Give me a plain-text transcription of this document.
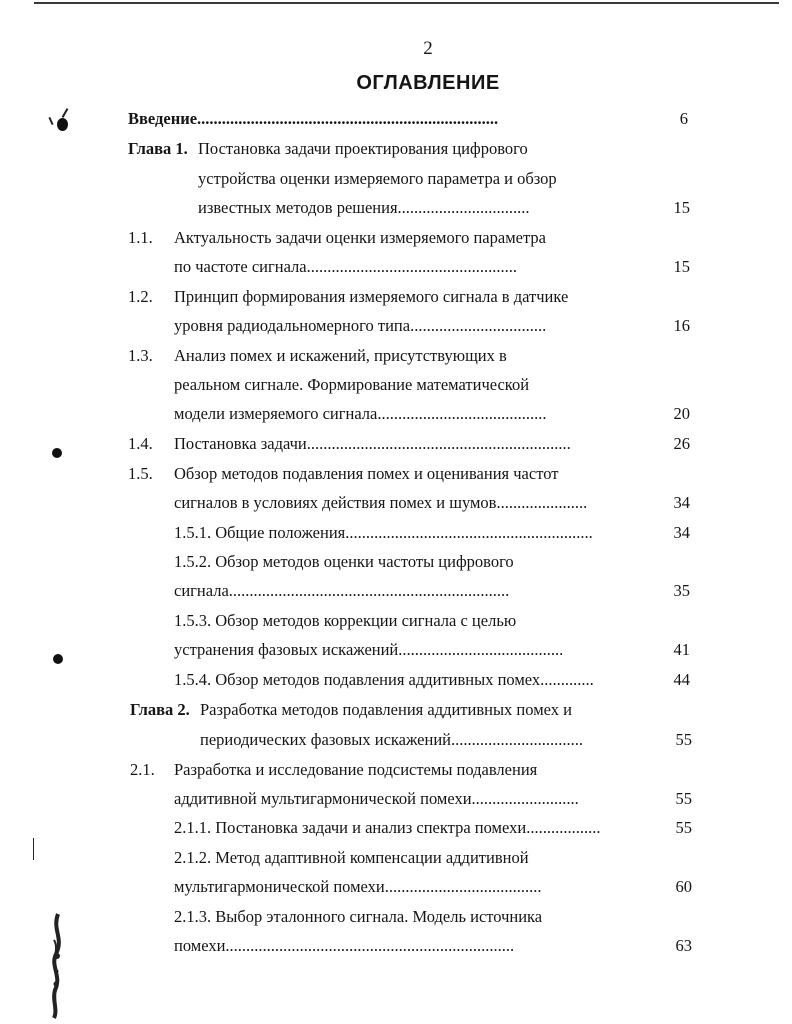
2
ОГЛАВЛЕНИЕ
Введение.........................................................................	6
Глава 1. Постановка задачи проектирования цифрового
устройства оценки измеряемого параметра и обзор
известных методов решения................................	15
1.1. Актуальность задачи оценки измеряемого параметра
по частоте сигнала...................................................	15
1.2. Принцип формирования измеряемого сигнала в датчике
уровня радиодальномерного типа.................................	16
1.3. Анализ помех и искажений, присутствующих в
реальном сигнале. Формирование математической
модели измеряемого сигнала.........................................	20
1.4. Постановка задачи................................................................	26
1.5. Обзор методов подавления помех и оценивания частот
сигналов в условиях действия помех и шумов......................	34
1.5.1. Общие положения............................................................	34
1.5.2. Обзор методов оценки частоты цифрового
сигнала....................................................................	35
1.5.3. Обзор методов коррекции сигнала с целью
устранения фазовых искажений........................................	41
1.5.4. Обзор методов подавления аддитивных помех.............	44
Глава 2. Разработка методов подавления аддитивных помех и
периодических фазовых искажений................................	55
2.1. Разработка и исследование подсистемы подавления
аддитивной мультигармонической помехи..........................	55
2.1.1. Постановка задачи и анализ спектра помехи..................	55
2.1.2. Метод адаптивной компенсации аддитивной
мультигармонической помехи......................................	60
2.1.3. Выбор эталонного сигнала. Модель источника
помехи......................................................................	63
